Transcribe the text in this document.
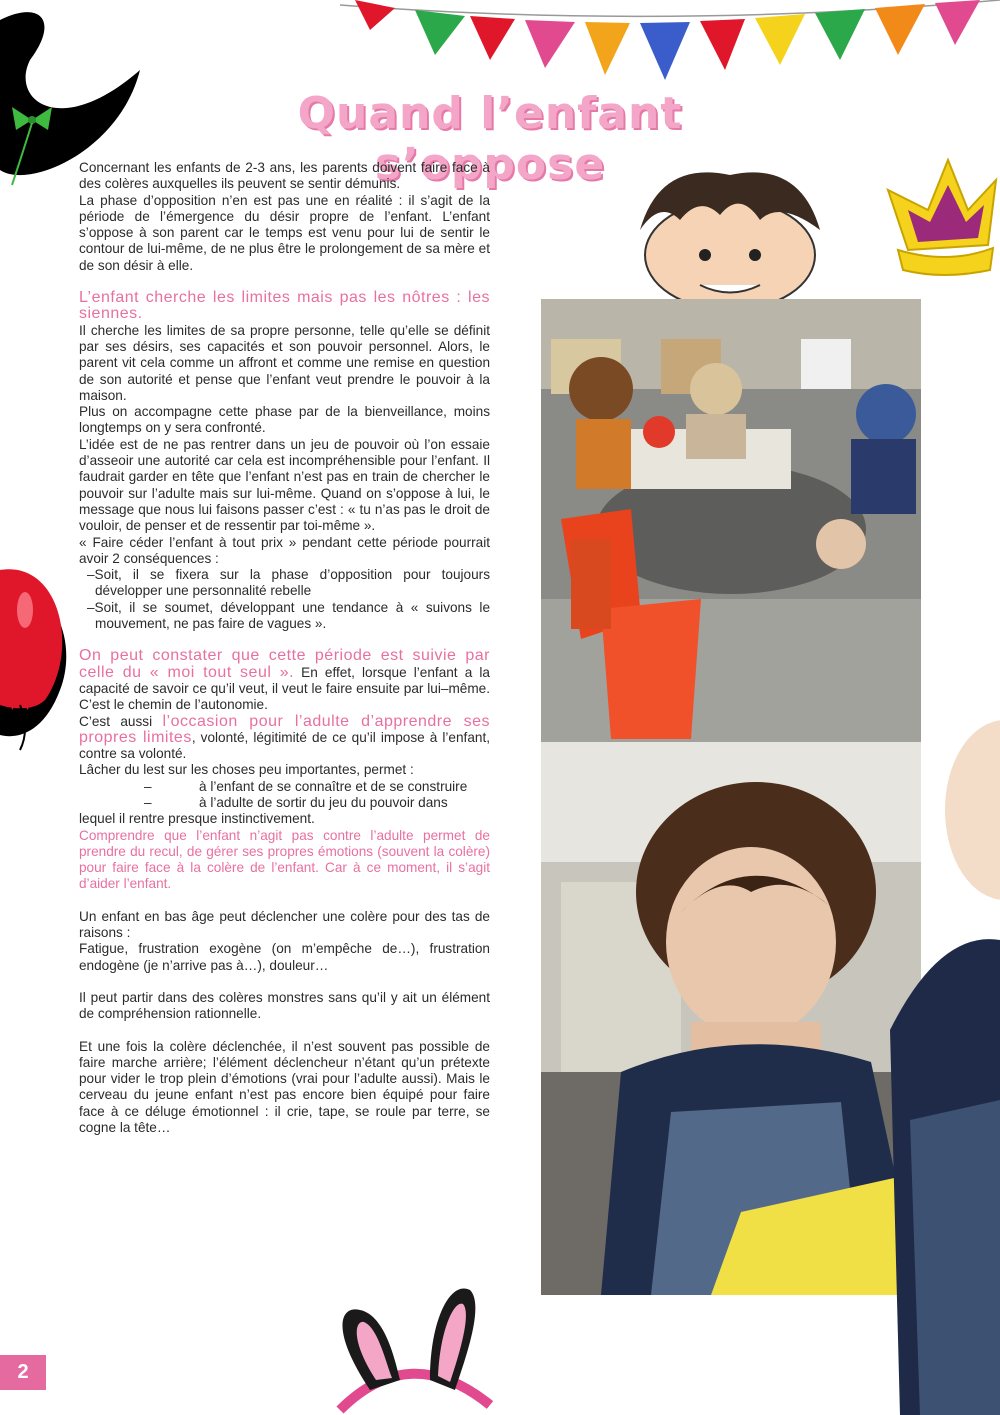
Quand l’enfant s’oppose

Concernant les enfants de 2-3 ans, les parents doivent faire face à des colères auxquelles ils peuvent se sentir démunis.

La phase d’opposition n’en est pas une en réalité : il s’agit de la période de l’émergence du désir propre de l’enfant. L’enfant s’oppose à son parent car le temps est venu pour lui de sentir le contour de lui-même, de ne plus être le prolongement de sa mère et de son désir à elle.

L’enfant cherche les limites mais pas les nôtres : les siennes.

Il cherche les limites de sa propre personne, telle qu’elle se définit par ses désirs, ses capacités et son pouvoir personnel. Alors, le parent vit cela comme un affront et comme une remise en question de son autorité et pense que l’enfant veut prendre le pouvoir à la maison.

Plus on accompagne cette phase par de la bienveillance, moins longtemps on y sera confronté.

L’idée est de ne pas rentrer dans un jeu de pouvoir où l’on essaie d’asseoir une autorité car cela est incompréhensible pour l’enfant. Il faudrait garder en tête que l’enfant n’est pas en train de chercher le pouvoir sur l’adulte mais sur lui-même. Quand on s’oppose à lui, le message que nous lui faisons passer c’est : « tu n’as pas le droit de vouloir, de penser et de ressentir par toi-même ».

« Faire céder l’enfant à tout prix » pendant cette période pourrait avoir 2 conséquences :

–Soit, il se fixera sur la phase d’opposition pour toujours développer une personnalité rebelle

–Soit, il se soumet, développant une tendance à « suivons le mouvement, ne pas faire de vagues ».

On peut constater que cette période est suivie par celle du « moi tout seul ». En effet, lorsque l’enfant a la capacité de savoir ce qu’il veut, il veut le faire ensuite par lui–même. C’est le chemin de l’autonomie.

C’est aussi l’occasion pour l’adulte d’apprendre ses propres limites, volonté, légitimité de ce qu’il impose à l’enfant, contre sa volonté.

Lâcher du lest sur les choses peu importantes, permet :

–	à l’enfant de se connaître et de se construire

–	à l’adulte de sortir du jeu du pouvoir dans

lequel il rentre presque instinctivement.

Comprendre que l’enfant n’agit pas contre l’adulte permet de prendre du recul, de gérer ses propres émotions (souvent la colère) pour faire face à la colère de l’enfant. Car à ce moment, il s’agit d’aider l’enfant.

Un enfant en bas âge peut déclencher une colère pour des tas de raisons :

Fatigue, frustration exogène (on m’empêche de…), frustration endogène (je n’arrive pas à…), douleur…

Il peut partir dans des colères monstres sans qu’il y ait un élément de compréhension rationnelle.

Et une fois la colère déclenchée, il n’est souvent pas possible de faire marche arrière; l’élément déclencheur n’étant qu’un prétexte pour vider le trop plein d’émotions (vrai pour l’adulte aussi). Mais le cerveau du jeune enfant n’est pas encore bien équipé pour faire face à ce déluge émotionnel : il crie, tape, se roule par terre, se cogne la tête…

2
